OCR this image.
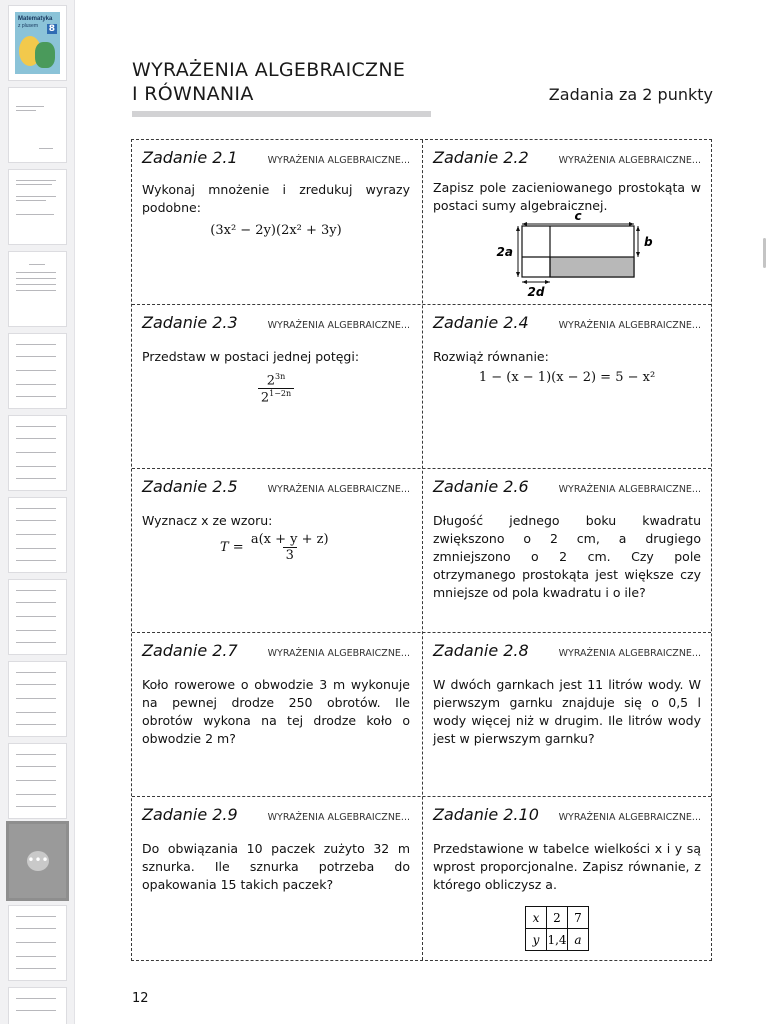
Matematyka
z plusem 8
•••
WYRAŻENIA ALGEBRAICZNE
I RÓWNANIA	Zadania za 2 punkty
Zadanie 2.1	WYRAŻENIA ALGEBRAICZNE...
Wykonaj mnożenie i zredukuj wyrazy podobne:
(3x² − 2y)(2x² + 3y)
Zadanie 2.2	WYRAŻENIA ALGEBRAICZNE...
Zapisz pole zacieniowanego prostokąta w postaci sumy algebraicznej.
c
b
2a
2d
Zadanie 2.3	WYRAŻENIA ALGEBRAICZNE...
Przedstaw w postaci jednej potęgi:
$\frac{2^{3n}}{2^{1-2n}}$
Zadanie 2.4	WYRAŻENIA ALGEBRAICZNE...
Rozwiąż równanie:
1 − (x − 1)(x − 2) = 5 − x²
Zadanie 2.5	WYRAŻENIA ALGEBRAICZNE...
Wyznacz x ze wzoru:
$T = \frac{a(x + y + z)}{3}$
Zadanie 2.6	WYRAŻENIA ALGEBRAICZNE...
Długość jednego boku kwadratu zwiększono o 2 cm, a drugiego zmniejszono o 2 cm. Czy pole otrzymanego prostokąta jest większe czy mniejsze od pola kwadratu i o ile?
Zadanie 2.7	WYRAŻENIA ALGEBRAICZNE...
Koło rowerowe o obwodzie 3 m wykonuje na pewnej drodze 250 obrotów. Ile obrotów wykona na tej drodze koło o obwodzie 2 m?
Zadanie 2.8	WYRAŻENIA ALGEBRAICZNE...
W dwóch garnkach jest 11 litrów wody. W pierwszym garnku znajduje się o 0,5 l wody więcej niż w drugim. Ile litrów wody jest w pierwszym garnku?
Zadanie 2.9	WYRAŻENIA ALGEBRAICZNE...
Do obwiązania 10 paczek zużyto 32 m sznurka. Ile sznurka potrzeba do opakowania 15 takich paczek?
Zadanie 2.10 WYRAŻENIA ALGEBRAICZNE...
Przedstawione w tabelce wielkości x i y są wprost proporcjonalne. Zapisz równanie, z którego obliczysz a.
x	2	7
y	1,4	a
12
